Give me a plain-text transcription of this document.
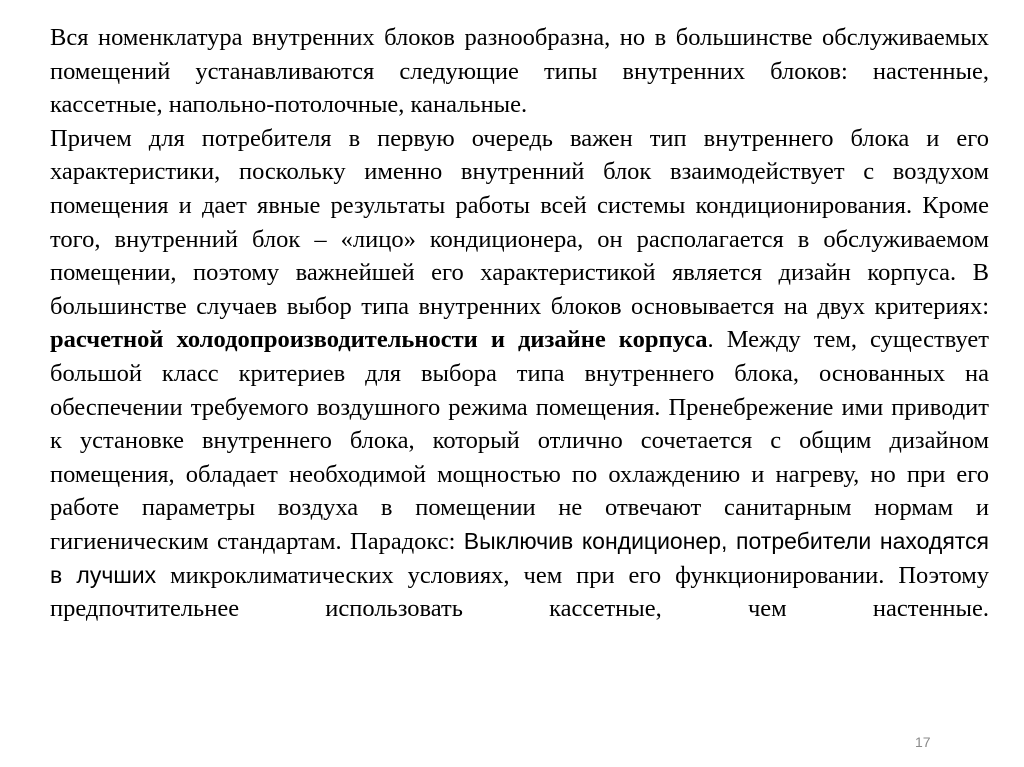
Вся номенклатура внутренних блоков разнообразна, но в большинстве обслуживаемых помещений устанавливаются следующие типы внутренних блоков: настенные, кассетные, напольно-потолочные, канальные.

Причем для потребителя в первую очередь важен тип внутреннего блока и его характеристики, поскольку именно внутренний блок взаимодействует с воздухом помещения и дает явные результаты работы всей системы кондиционирования. Кроме того, внутренний блок – «лицо» кондиционера, он располагается в обслуживаемом помещении, поэтому важнейшей его характеристикой является дизайн корпуса. В большинстве случаев выбор типа внутренних блоков основывается на двух критериях: расчетной холодопроизводительности и дизайне корпуса. Между тем, существует большой класс критериев для выбора типа внутреннего блока, основанных на обеспечении требуемого воздушного режима помещения. Пренебрежение ими приводит к установке внутреннего блока, который отлично сочетается с общим дизайном помещения, обладает необходимой мощностью по охлаждению и нагреву, но при его работе параметры воздуха в помещении не отвечают санитарным нормам и гигиеническим стандартам. Парадокс: Выключив кондиционер, потребители находятся в лучших микроклиматических условиях, чем при его функционировании. Поэтому предпочтительнее использовать кассетные, чем настенные.

17
